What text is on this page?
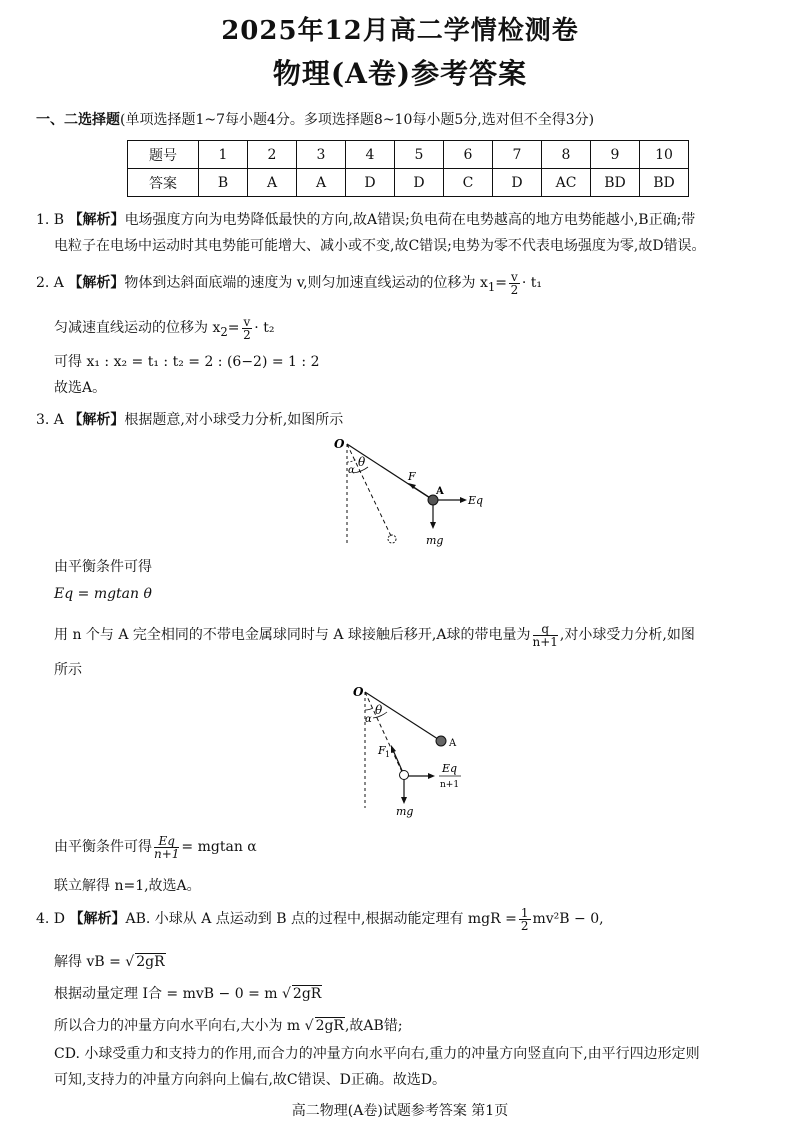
2025年12月高二学情检测卷
物理(A卷)参考答案
一、二选择题(单项选择题1~7每小题4分。多项选择题8~10每小题5分,选对但不全得3分)
题号	1	2	3	4	5	6	7	8	9	10
答案	B	A	A	D	D	C	D	AC	BD	BD
1. B 【解析】电场强度方向为电势降低最快的方向,故A错误;负电荷在电势越高的地方电势能越小,B正确;带
电粒子在电场中运动时其电势能可能增大、减小或不变,故C错误;电势为零不代表电场强度为零,故D错误。
2. A 【解析】物体到达斜面底端的速度为 v,则匀加速直线运动的位移为 $x_1= \frac{v}{2} \cdot t_1$
匀减速直线运动的位移为 $x_2= \frac{v}{2} \cdot t_2$
可得 x₁ : x₂ = t₁ : t₂ = 2 : (6−2) = 1 : 2
故选A。
3. A 【解析】根据题意,对小球受力分析,如图所示
O
α
θ
F
A
Eq
mg
由平衡条件可得
Eq = mgtan θ
用 n 个与 A 完全相同的不带电金属球同时与 A 球接触后移开,A球的带电量为 $\frac{q}{n+1}$ ,对小球受力分析,如图
所示
O
α
θ
F 1
A
Eq
n+1
mg
由平衡条件可得 $\frac{Eq}{n+1} = mgtan$ α
联立解得 n=1,故选A。
4. D 【解析】AB. 小球从 A 点运动到 B 点的过程中,根据动能定理有 mgR = $\frac{1}{2} mv^2B - 0$,
解得 vB = √ 2gR
根据动量定理 I合 = mvB − 0 = m √ 2gR
所以合力的冲量方向水平向右,大小为 m √ 2gR,故AB错;
CD. 小球受重力和支持力的作用,而合力的冲量方向水平向右,重力的冲量方向竖直向下,由平行四边形定则
可知,支持力的冲量方向斜向上偏右,故C错误、D正确。故选D。
高二物理(A卷)试题参考答案 第1页
